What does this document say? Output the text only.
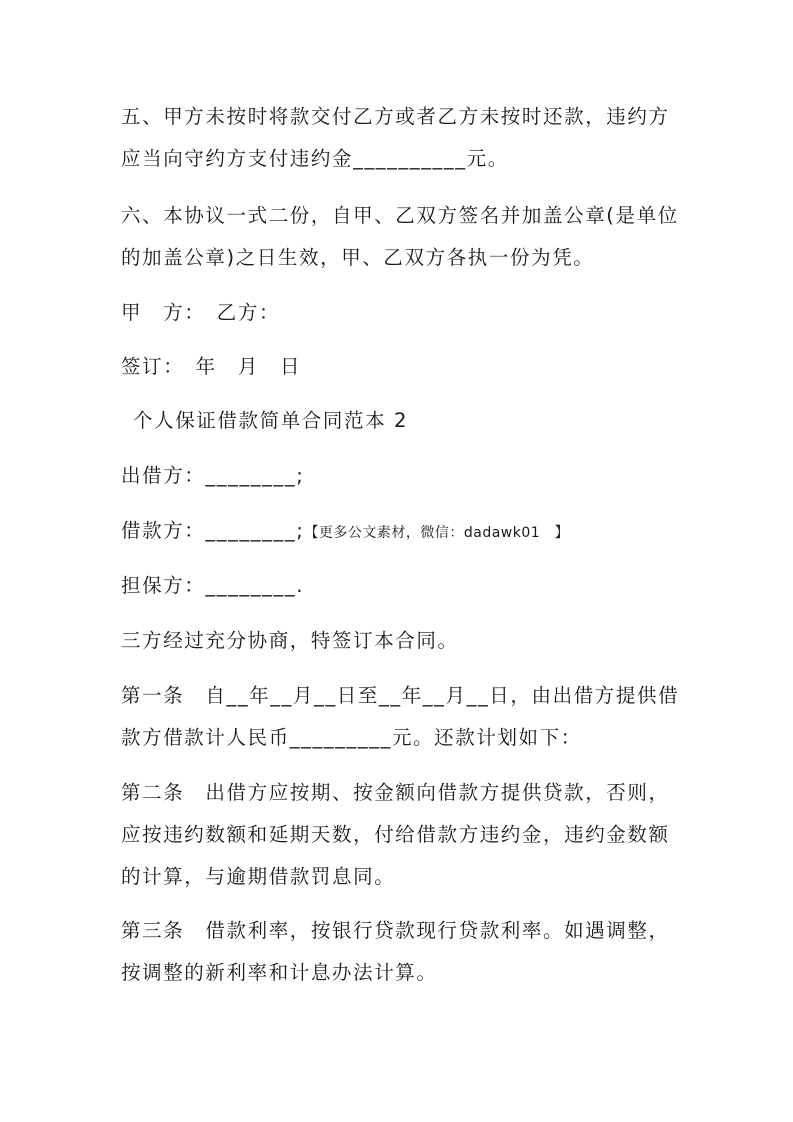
五、甲方未按时将款交付乙方或者乙方未按时还款，违约方
应当向守约方支付违约金__________元。
六、本协议一式二份，自甲、乙双方签名并加盖公章(是单位
的加盖公章)之日生效，甲、乙双方各执一份为凭。
甲　方：　乙方：
签订：　年　月　日
个人保证借款简单合同范本 2
出借方：________;
借款方：________;【更多公文素材，微信：dadawk01　】
担保方：________.
三方经过充分协商，特签订本合同。
第一条　自__年__月__日至__年__月__日，由出借方提供借
款方借款计人民币_________元。还款计划如下：
第二条　出借方应按期、按金额向借款方提供贷款，否则，
应按违约数额和延期天数，付给借款方违约金，违约金数额
的计算，与逾期借款罚息同。
第三条　借款利率，按银行贷款现行贷款利率。如遇调整，
按调整的新利率和计息办法计算。
